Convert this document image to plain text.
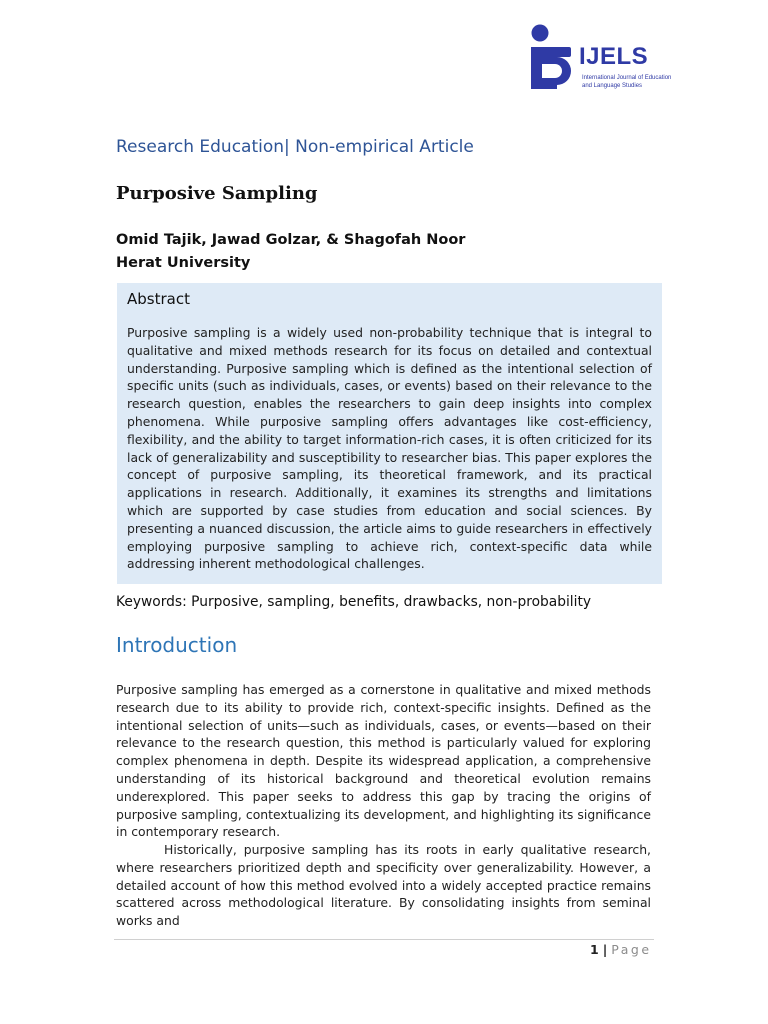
IJELS
International Journal of Education
and Language Studies
Research Education| Non-empirical Article
Purposive Sampling
Omid Tajik, Jawad Golzar, & Shagofah Noor
Herat University
Abstract

Purposive sampling is a widely used non-probability technique that is integral to qualitative and mixed methods research for its focus on detailed and contextual understanding. Purposive sampling which is defined as the intentional selection of specific units (such as individuals, cases, or events) based on their relevance to the research question, enables the researchers to gain deep insights into complex phenomena. While purposive sampling offers advantages like cost-efficiency, flexibility, and the ability to target information-rich cases, it is often criticized for its lack of generalizability and susceptibility to researcher bias. This paper explores the concept of purposive sampling, its theoretical framework, and its practical applications in research. Additionally, it examines its strengths and limitations which are supported by case studies from education and social sciences. By presenting a nuanced discussion, the article aims to guide researchers in effectively employing purposive sampling to achieve rich, context-specific data while addressing inherent methodological challenges.

Keywords: Purposive, sampling, benefits, drawbacks, non-probability
Introduction

Purposive sampling has emerged as a cornerstone in qualitative and mixed methods research due to its ability to provide rich, context-specific insights. Defined as the intentional selection of units—such as individuals, cases, or events—based on their relevance to the research question, this method is particularly valued for exploring complex phenomena in depth. Despite its widespread application, a comprehensive understanding of its historical background and theoretical evolution remains underexplored. This paper seeks to address this gap by tracing the origins of purposive sampling, contextualizing its development, and highlighting its significance in contemporary research.

Historically, purposive sampling has its roots in early qualitative research, where researchers prioritized depth and specificity over generalizability. However, a detailed account of how this method evolved into a widely accepted practice remains scattered across methodological literature. By consolidating insights from seminal works and

1 | Page
